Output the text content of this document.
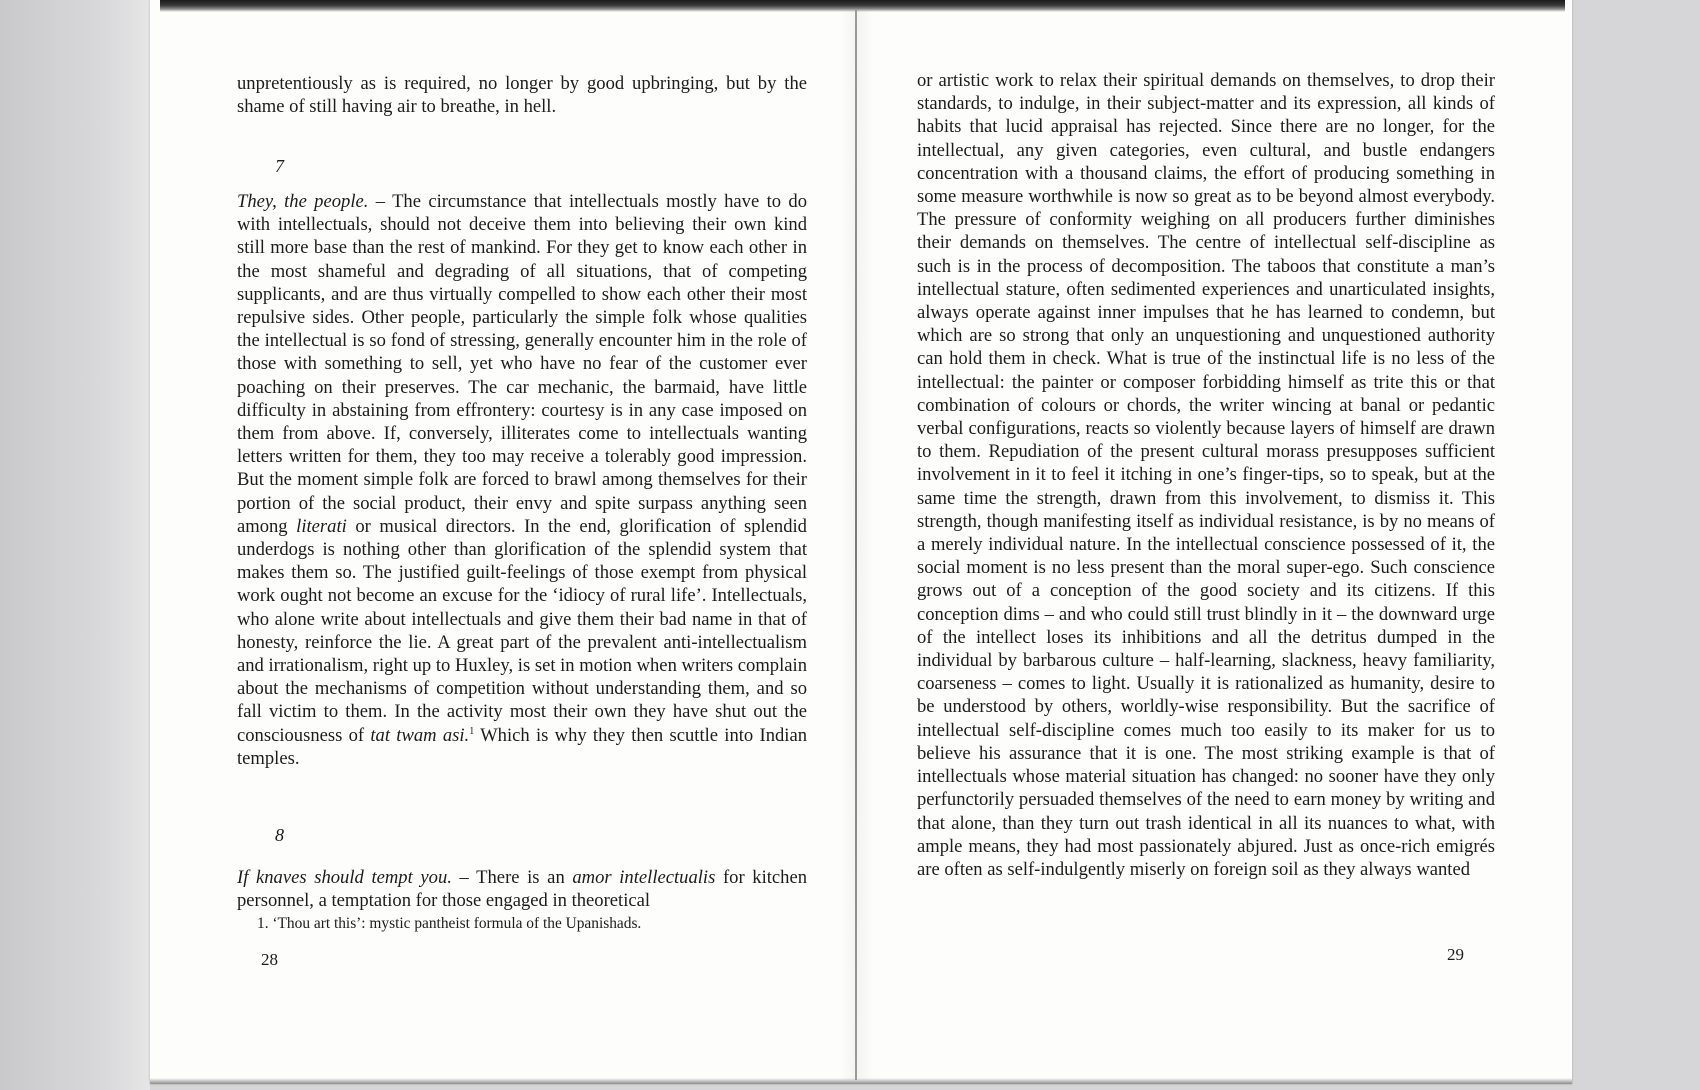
unpretentiously as is required, no longer by good upbringing, but by the shame of still having air to breathe, in hell.

7

They, the people. – The circumstance that intellectuals mostly have to do with intellectuals, should not deceive them into believing their own kind still more base than the rest of mankind. For they get to know each other in the most shameful and degrading of all situations, that of competing supplicants, and are thus virtually compelled to show each other their most repulsive sides. Other people, particularly the simple folk whose qualities the intellectual is so fond of stressing, generally encounter him in the role of those with something to sell, yet who have no fear of the customer ever poaching on their preserves. The car mechanic, the barmaid, have little difficulty in abstaining from effrontery: courtesy is in any case imposed on them from above. If, conversely, illiterates come to intellectuals wanting letters written for them, they too may receive a tolerably good impression. But the moment simple folk are forced to brawl among themselves for their portion of the social product, their envy and spite surpass anything seen among literati or musical directors. In the end, glorification of splendid underdogs is nothing other than glorification of the splendid system that makes them so. The justified guilt-feelings of those exempt from physical work ought not become an excuse for the ‘idiocy of rural life’. Intellectuals, who alone write about intellectuals and give them their bad name in that of honesty, reinforce the lie. A great part of the prevalent anti-intellectualism and irrationalism, right up to Huxley, is set in motion when writers complain about the mechanisms of competition without understanding them, and so fall victim to them. In the activity most their own they have shut out the consciousness of tat twam asi.$^1$ Which is why they then scuttle into Indian temples.

8

If knaves should tempt you. – There is an amor intellectualis for kitchen personnel, a temptation for those engaged in theoretical

1. ‘Thou art this’: mystic pantheist formula of the Upanishads.
28

or artistic work to relax their spiritual demands on themselves, to drop their standards, to indulge, in their subject-matter and its expression, all kinds of habits that lucid appraisal has rejected. Since there are no longer, for the intellectual, any given categories, even cultural, and bustle endangers concentration with a thousand claims, the effort of producing something in some measure worthwhile is now so great as to be beyond almost everybody. The pressure of conformity weighing on all producers further diminishes their demands on themselves. The centre of intellectual self-discipline as such is in the process of decomposition. The taboos that constitute a man’s intellectual stature, often sedimented experiences and unarticulated insights, always operate against inner impulses that he has learned to condemn, but which are so strong that only an unquestioning and unquestioned authority can hold them in check. What is true of the instinctual life is no less of the intellectual: the painter or composer forbidding himself as trite this or that combination of colours or chords, the writer wincing at banal or pedantic verbal configurations, reacts so violently because layers of himself are drawn to them. Repudiation of the present cultural morass presupposes sufficient involvement in it to feel it itching in one’s finger-tips, so to speak, but at the same time the strength, drawn from this involvement, to dismiss it. This strength, though manifesting itself as individual resistance, is by no means of a merely individual nature. In the intellectual conscience possessed of it, the social moment is no less present than the moral super-ego. Such conscience grows out of a conception of the good society and its citizens. If this conception dims – and who could still trust blindly in it – the downward urge of the intellect loses its inhibitions and all the detritus dumped in the individual by barbarous culture – half-learning, slackness, heavy familiarity, coarseness – comes to light. Usually it is rationalized as humanity, desire to be understood by others, worldly-wise responsibility. But the sacrifice of intellectual self-discipline comes much too easily to its maker for us to believe his assurance that it is one. The most striking example is that of intellectuals whose material situation has changed: no sooner have they only perfunctorily persuaded themselves of the need to earn money by writing and that alone, than they turn out trash identical in all its nuances to what, with ample means, they had most passionately abjured. Just as once-rich emigrés are often as self-indulgently miserly on foreign soil as they always wanted

29
